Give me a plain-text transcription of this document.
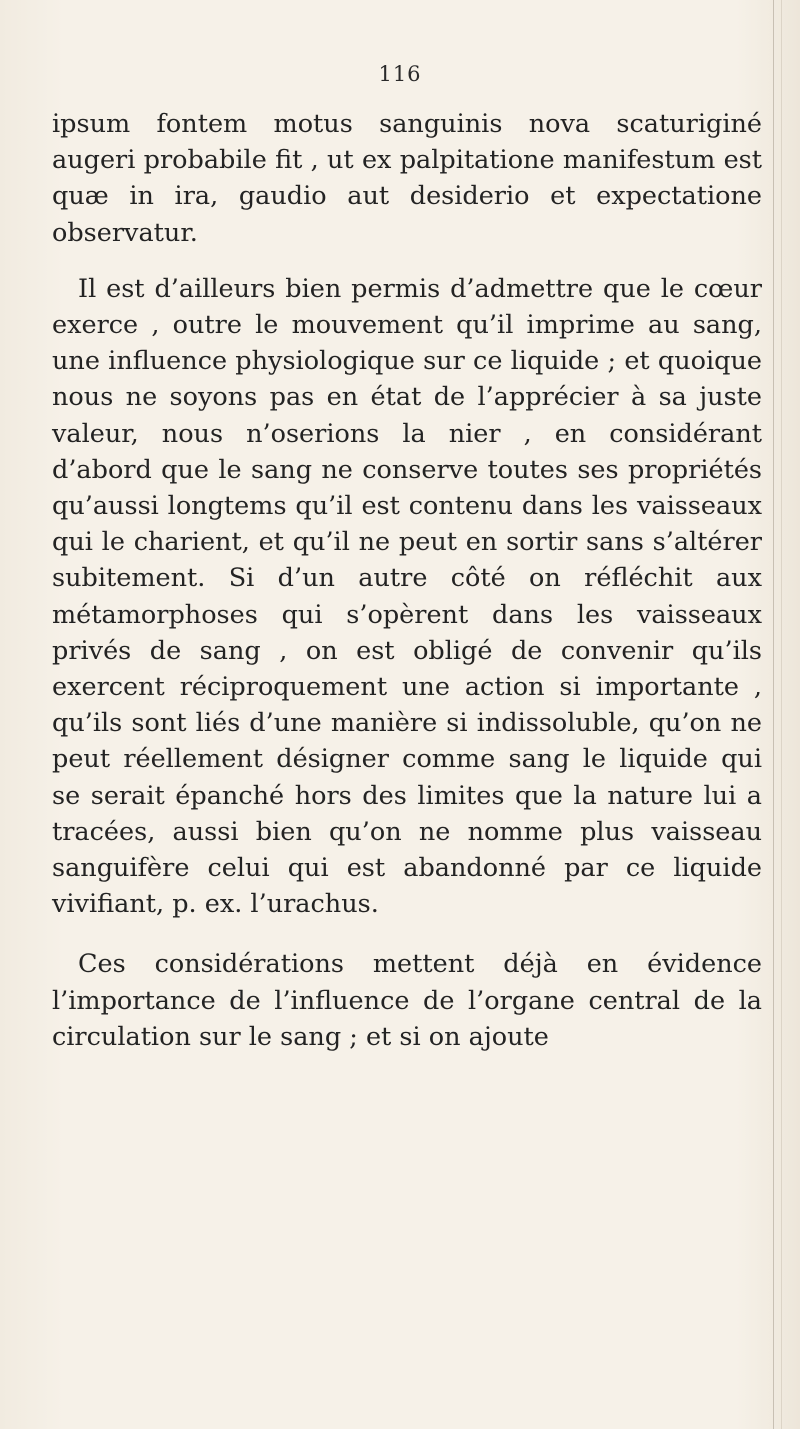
116

ipsum fontem motus sanguinis nova scaturiginé augeri probabile fit , ut ex palpitatione manifestum est quæ in ira, gaudio aut desiderio et expectatione observatur.

Il est d’ailleurs bien permis d’admettre que le cœur exerce , outre le mouvement qu’il imprime au sang, une influence physiologique sur ce liquide ; et quoique nous ne soyons pas en état de l’apprécier à sa juste valeur, nous n’oserions la nier , en considérant d’abord que le sang ne conserve toutes ses propriétés qu’aussi longtems qu’il est contenu dans les vaisseaux qui le charient, et qu’il ne peut en sortir sans s’altérer subitement. Si d’un autre côté on réfléchit aux métamorphoses qui s’opèrent dans les vaisseaux privés de sang , on est obligé de convenir qu’ils exercent réciproquement une action si importante , qu’ils sont liés d’une manière si indissoluble, qu’on ne peut réellement désigner comme sang le liquide qui se serait épanché hors des limites que la nature lui a tracées, aussi bien qu’on ne nomme plus vaisseau sanguifère celui qui est abandonné par ce liquide vivifiant, p. ex. l’urachus.

Ces considérations mettent déjà en évidence l’importance de l’influence de l’organe central de la circulation sur le sang ; et si on ajoute
